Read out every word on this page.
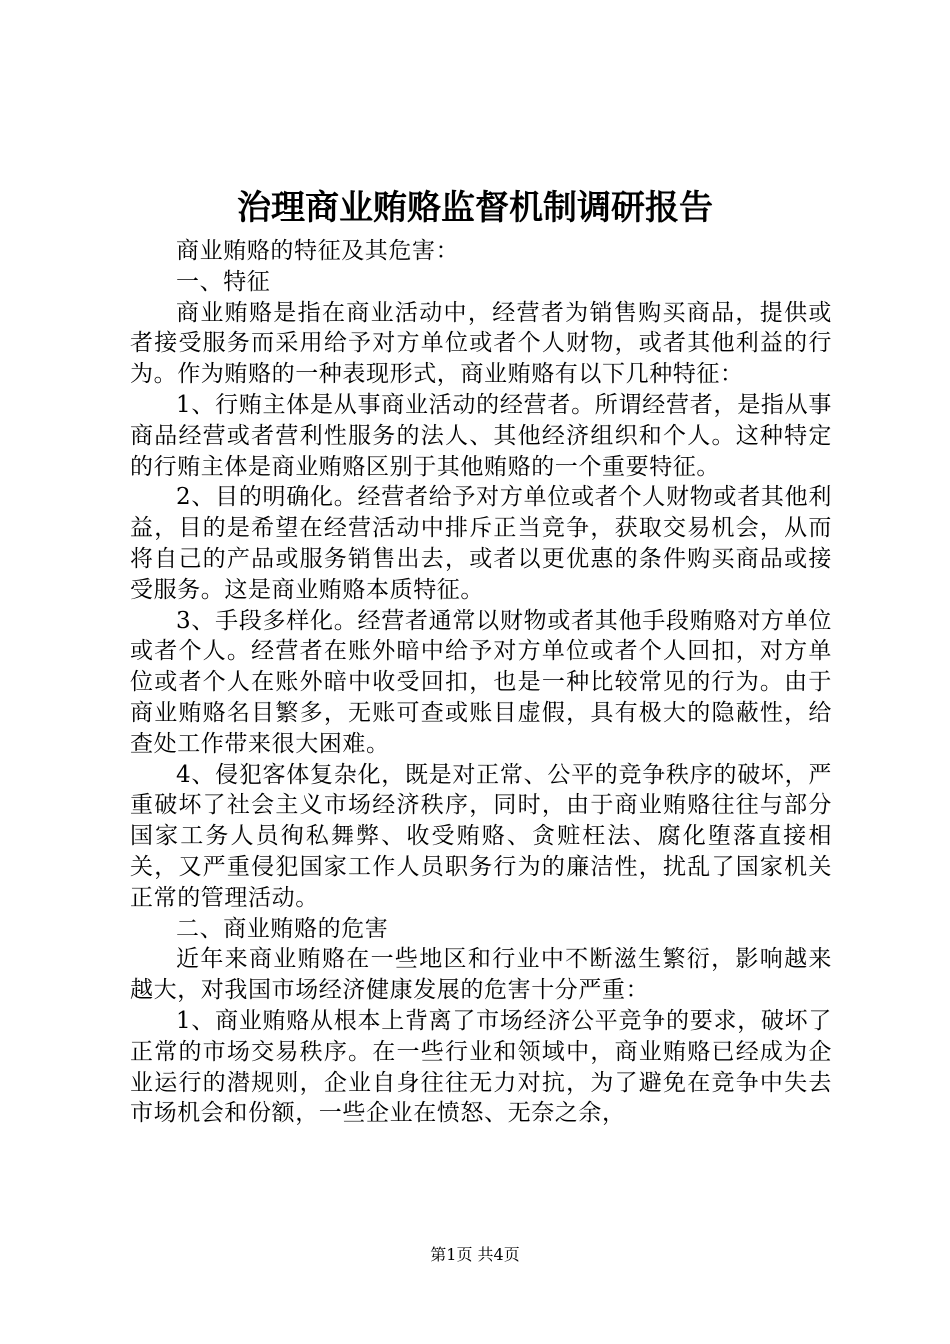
治理商业贿赂监督机制调研报告

商业贿赂的特征及其危害：

一、特征

商业贿赂是指在商业活动中，经营者为销售购买商品，提供或者接受服务而采用给予对方单位或者个人财物，或者其他利益的行为。作为贿赂的一种表现形式，商业贿赂有以下几种特征：

1、行贿主体是从事商业活动的经营者。所谓经营者，是指从事商品经营或者营利性服务的法人、其他经济组织和个人。这种特定的行贿主体是商业贿赂区别于其他贿赂的一个重要特征。

2、目的明确化。经营者给予对方单位或者个人财物或者其他利益，目的是希望在经营活动中排斥正当竞争，获取交易机会，从而将自己的产品或服务销售出去，或者以更优惠的条件购买商品或接受服务。这是商业贿赂本质特征。

3、手段多样化。经营者通常以财物或者其他手段贿赂对方单位或者个人。经营者在账外暗中给予对方单位或者个人回扣，对方单位或者个人在账外暗中收受回扣，也是一种比较常见的行为。由于商业贿赂名目繁多，无账可查或账目虚假，具有极大的隐蔽性，给查处工作带来很大困难。

4、侵犯客体复杂化，既是对正常、公平的竞争秩序的破坏，严重破坏了社会主义市场经济秩序，同时，由于商业贿赂往往与部分国家工务人员徇私舞弊、收受贿赂、贪赃枉法、腐化堕落直接相关，又严重侵犯国家工作人员职务行为的廉洁性，扰乱了国家机关正常的管理活动。

二、商业贿赂的危害

近年来商业贿赂在一些地区和行业中不断滋生繁衍，影响越来越大，对我国市场经济健康发展的危害十分严重：

1、商业贿赂从根本上背离了市场经济公平竞争的要求，破坏了正常的市场交易秩序。在一些行业和领域中，商业贿赂已经成为企业运行的潜规则，企业自身往往无力对抗，为了避免在竞争中失去市场机会和份额，一些企业在愤怒、无奈之余，

第1页 共4页
